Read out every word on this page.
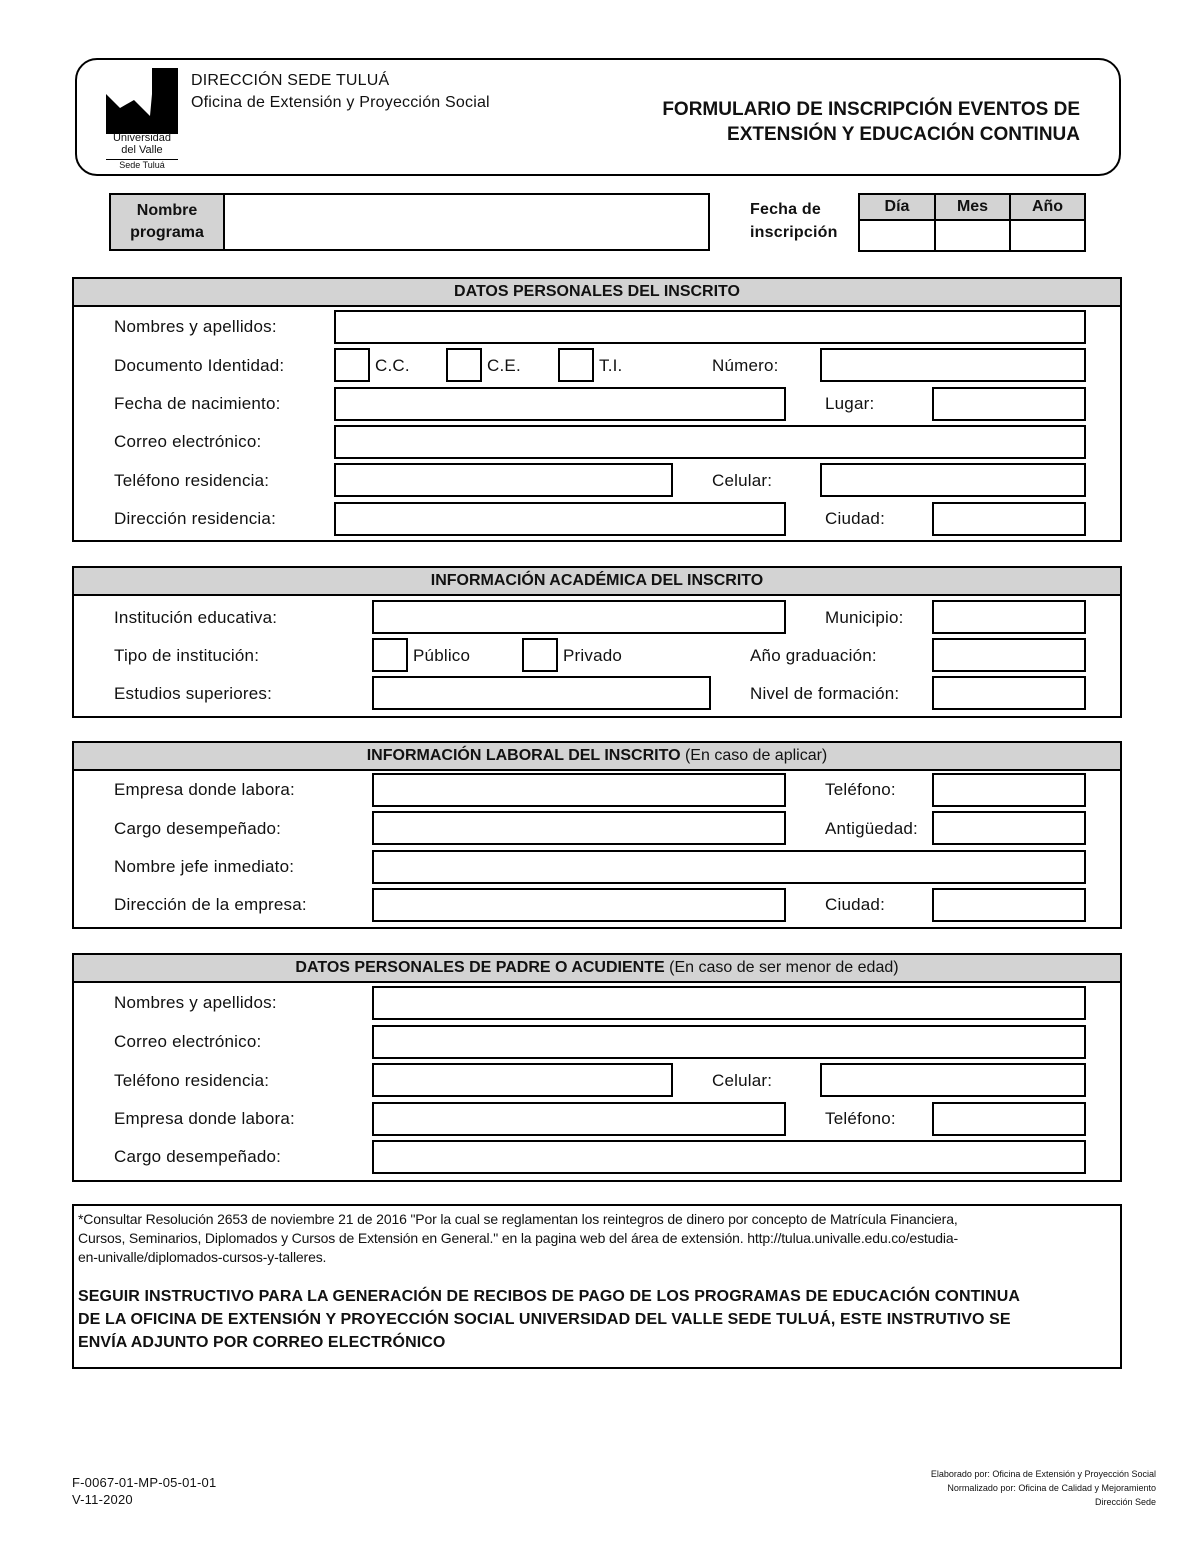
Universidad del Valle
Sede Tuluá
DIRECCIÓN SEDE TULUÁ
Oficina de Extensión y Proyección Social	FORMULARIO DE INSCRIPCIÓN EVENTOS DE
EXTENSIÓN Y EDUCACIÓN CONTINUA
Nombre
programa
Fecha de
inscripción
Día	Mes	Año
DATOS PERSONALES DEL INSCRITO
Nombres y apellidos:
Documento Identidad:	C.C.	C.E.	T.I.	Número:
Fecha de nacimiento:	Lugar:
Correo electrónico:
Teléfono residencia:	Celular:
Dirección residencia:	Ciudad:
INFORMACIÓN ACADÉMICA DEL INSCRITO
Institución educativa:	Municipio:
Tipo de institución:	Público	Privado	Año graduación:
Estudios superiores:	Nivel de formación:
INFORMACIÓN LABORAL DEL INSCRITO (En caso de aplicar)
Empresa donde labora:	Teléfono:
Cargo desempeñado:	Antigüedad:
Nombre jefe inmediato:
Dirección de la empresa:	Ciudad:
DATOS PERSONALES DE PADRE O ACUDIENTE (En caso de ser menor de edad)
Nombres y apellidos:
Correo electrónico:
Teléfono residencia:	Celular:
Empresa donde labora:	Teléfono:
Cargo desempeñado:
*Consultar Resolución 2653 de noviembre 21 de 2016 "Por la cual se reglamentan los reintegros de dinero por concepto de Matrícula Financiera,
Cursos, Seminarios, Diplomados y Cursos de Extensión en General." en la pagina web del área de extensión. http://tulua.univalle.edu.co/estudia-
en-univalle/diplomados-cursos-y-talleres.
SEGUIR INSTRUCTIVO PARA LA GENERACIÓN DE RECIBOS DE PAGO DE LOS PROGRAMAS DE EDUCACIÓN CONTINUA
DE LA OFICINA DE EXTENSIÓN Y PROYECCIÓN SOCIAL UNIVERSIDAD DEL VALLE SEDE TULUÁ, ESTE INSTRUTIVO SE
ENVÍA ADJUNTO POR CORREO ELECTRÓNICO
F-0067-01-MP-05-01-01
V-11-2020
Elaborado por: Oficina de Extensión y Proyección Social
Normalizado por: Oficina de Calidad y Mejoramiento
Dirección Sede
